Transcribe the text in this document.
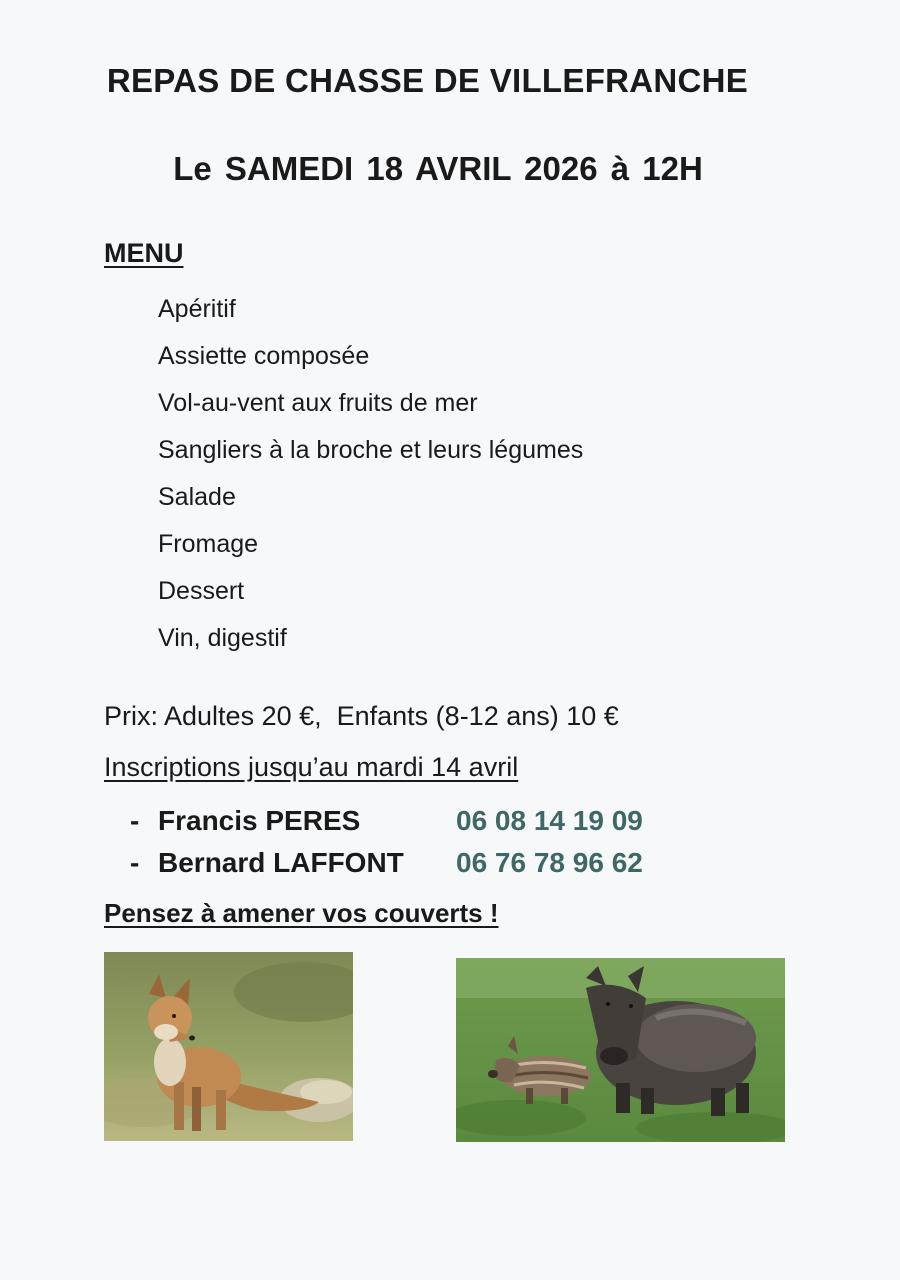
REPAS DE CHASSE DE VILLEFRANCHE
Le SAMEDI 18 AVRIL 2026 à 12H
MENU
Apéritif
Assiette composée
Vol-au-vent aux fruits de mer
Sangliers à la broche et leurs légumes
Salade
Fromage
Dessert
Vin, digestif
Prix: Adultes 20 €,  Enfants (8-12 ans) 10 €
Inscriptions jusqu’au mardi 14 avril
- Francis PERES	06 08 14 19 09
- Bernard LAFFONT	06 76 78 96 62
Pensez à amener vos couverts !
